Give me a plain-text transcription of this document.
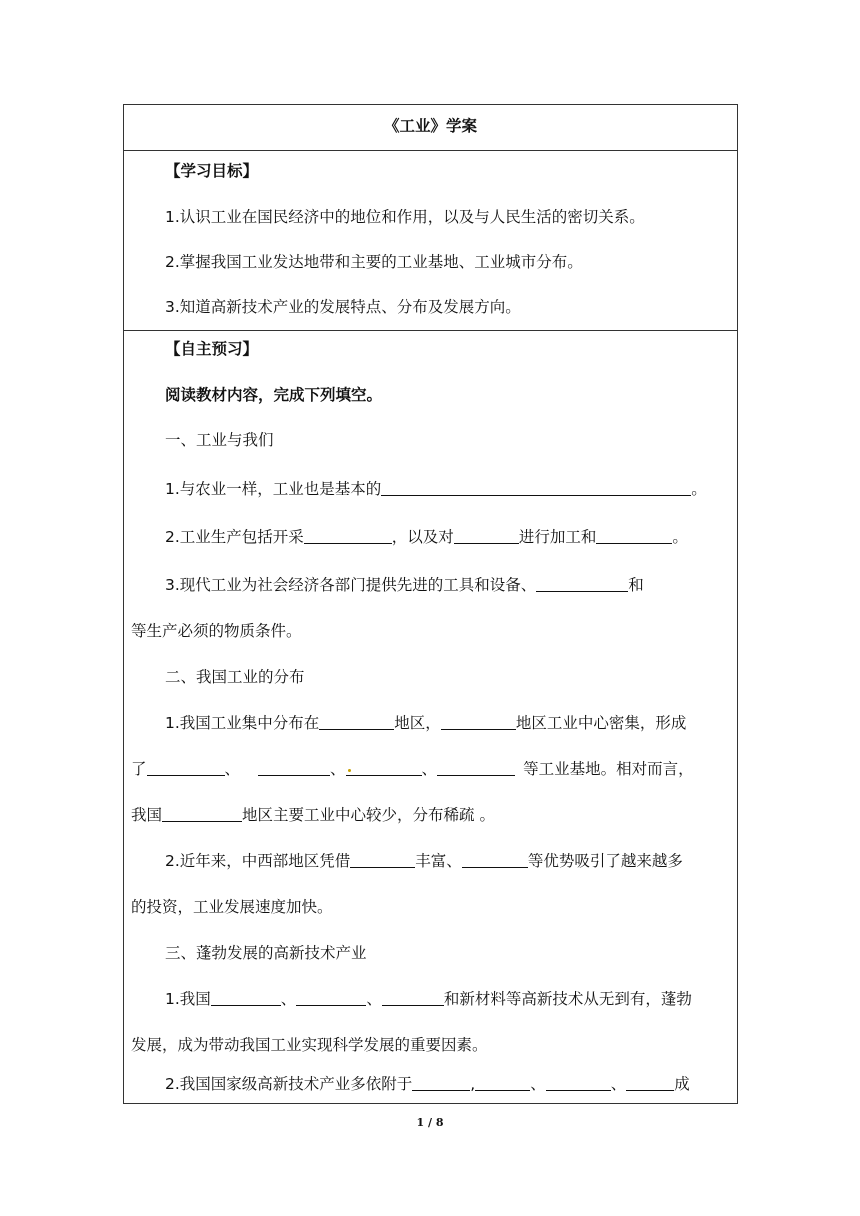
《工业》学案
【学习目标】
1.认识工业在国民经济中的地位和作用，以及与人民生活的密切关系。
2.掌握我国工业发达地带和主要的工业基地、工业城市分布。
3.知道高新技术产业的发展特点、分布及发展方向。
【自主预习】
阅读教材内容，完成下列填空。
一、工业与我们
1.与农业一样，工业也是基本的	。
2.工业生产包括开采	，以及对	进行加工和	。
3.现代工业为社会经济各部门提供先进的工具和设备、	和
等生产必须的物质条件。
二、我国工业的分布
1.我国工业集中分布在	地区，	地区工业中心密集，形成
了	、	、	、	等工业基地。相对而言，
我国	地区主要工业中心较少，分布稀疏 。
2.近年来，中西部地区凭借	丰富、	等优势吸引了越来越多
的投资，工业发展速度加快。
三、蓬勃发展的高新技术产业
1.我国	、	、	和新材料等高新技术从无到有，蓬勃
发展，成为带动我国工业实现科学发展的重要因素。
2.我国国家级高新技术产业多依附于	,	、	、	成
1 / 8
